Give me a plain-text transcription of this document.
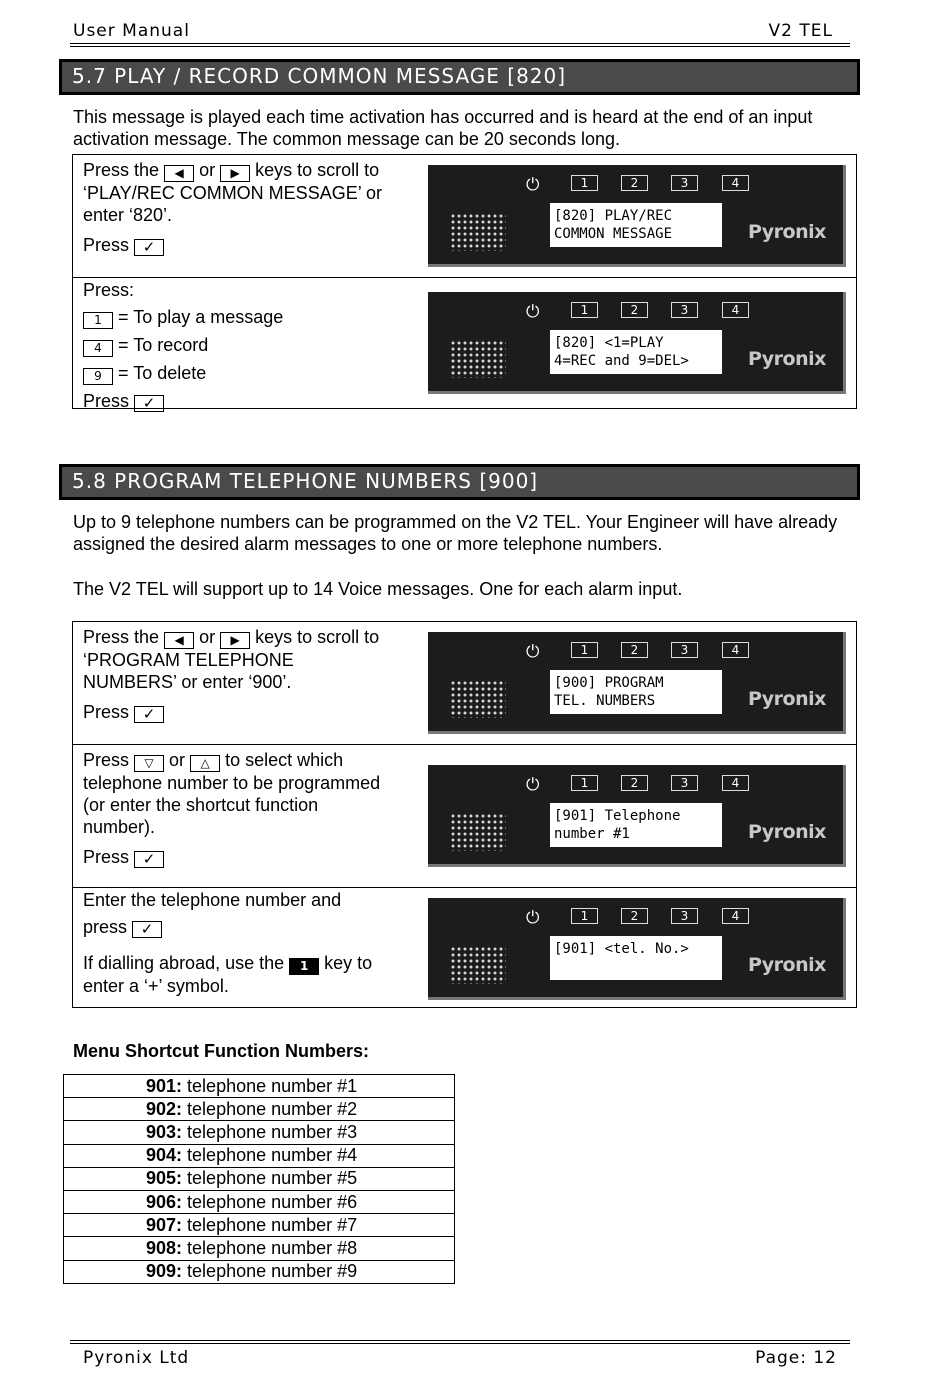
User Manual	V2 TEL
5.7 PLAY / RECORD COMMON MESSAGE [820]
This message is played each time activation has occurred and is heard at the end of an input activation message. The common message can be 20 seconds long.

Press the ◀ or ▶ keys to scroll to

‘PLAY/REC COMMON MESSAGE’ or

enter ‘820’.

Press ✓

⏻	1	2	3	4
[820] PLAY/REC
COMMON MESSAGE	Pyronix

Press:

1 = To play a message

4 = To record

9 = To delete

Press ✓

⏻	1	2	3	4
[820] <1=PLAY
4=REC and 9=DEL>	Pyronix
5.8 PROGRAM TELEPHONE NUMBERS [900]
Up to 9 telephone numbers can be programmed on the V2 TEL. Your Engineer will have already assigned the desired alarm messages to one or more telephone numbers.
The V2 TEL will support up to 14 Voice messages. One for each alarm input.

Press the ◀ or ▶ keys to scroll to

‘PROGRAM TELEPHONE

NUMBERS’ or enter ‘900’.

Press ✓

⏻	1	2	3	4
[900] PROGRAM
TEL. NUMBERS	Pyronix

Press ▽ or △ to select which

telephone number to be programmed

(or enter the shortcut function

number).

Press ✓

⏻	1	2	3	4
[901] Telephone
number #1	Pyronix

Enter the telephone number and

press ✓

If dialling abroad, use the 1 key to

enter a ‘+’ symbol.

⏻	1	2	3	4
[901] <tel. No.>
Pyronix
Menu Shortcut Function Numbers:
901: telephone number #1
902: telephone number #2
903: telephone number #3
904: telephone number #4
905: telephone number #5
906: telephone number #6
907: telephone number #7
908: telephone number #8
909: telephone number #9
Pyronix Ltd	Page: 12
